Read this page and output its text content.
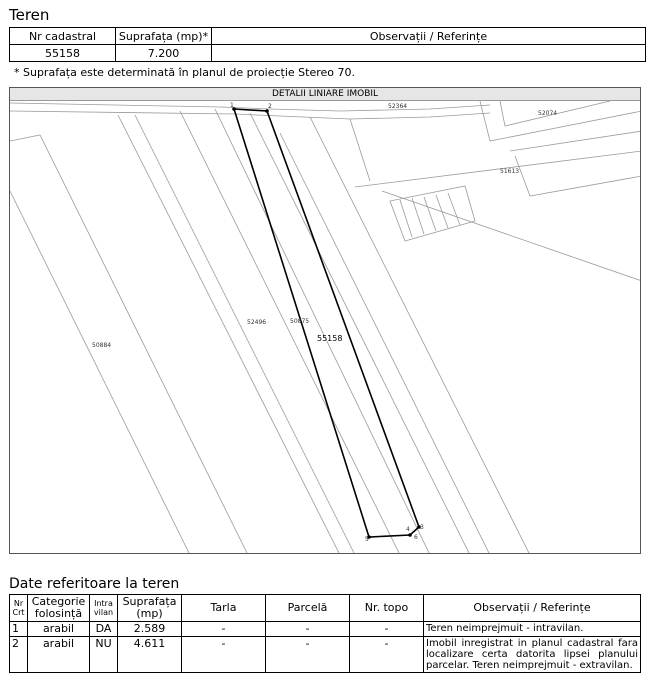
Teren
Nr cadastral	Suprafața (mp)*	Observații / Referințe
55158	7.200	
* Suprafața este determinată în planul de proiecție Stereo 70.
DETALII LINIARE IMOBIL
1	2
3
4
5	6
52364
52074
51613
50884
52496	50875
55158
Date referitoare la teren
Nr Crt	Categorie folosință	Intra vilan	Suprafața (mp)	Tarla	Parcelă	Nr. topo	Observații / Referințe
1	arabil	DA	2.589	-	-	-	Teren neimprejmuit - intravilan.
2	arabil	NU	4.611	-	-	-	Imobil inregistrat in planul cadastral fara localizare certa datorita lipsei planului parcelar. Teren neimprejmuit - extravilan.
